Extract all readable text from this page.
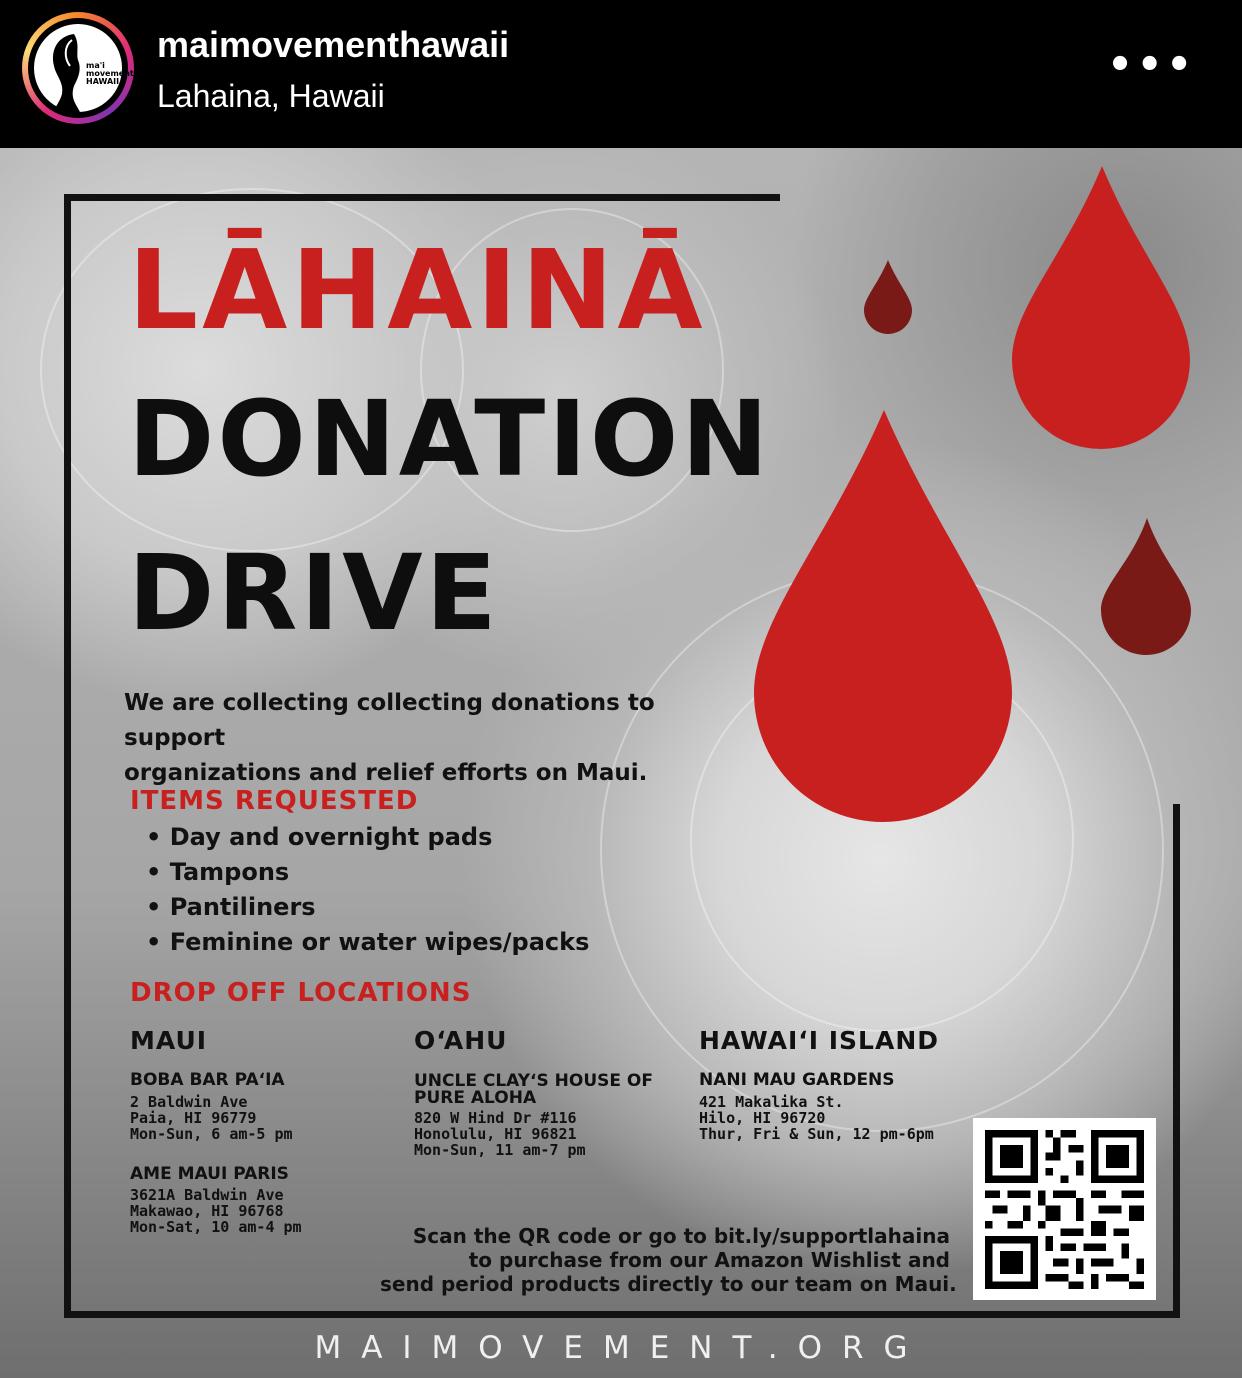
ma'i movement HAWAII
maimovementhawaii
Lahaina, Hawaii
•••
LĀHAINĀ
DONATION
DRIVE
We are collecting collecting donations to support
organizations and relief efforts on Maui.
ITEMS REQUESTED
• Day and overnight pads
• Tampons
• Pantiliners
• Feminine or water wipes/packs
DROP OFF LOCATIONS
MAUI	OʻAHU	HAWAIʻI ISLAND
BOBA BAR PAʻIA
2 Baldwin Ave
Paia, HI 96779
Mon-Sun, 6 am-5 pm
AME MAUI PARIS
3621A Baldwin Ave
Makawao, HI 96768
Mon-Sat, 10 am-4 pm
UNCLE CLAYʻS HOUSE OF
PURE ALOHA
820 W Hind Dr #116
Honolulu, HI 96821
Mon-Sun, 11 am-7 pm
NANI MAU GARDENS
421 Makalika St.
Hilo, HI 96720
Thur, Fri & Sun, 12 pm-6pm
Scan the QR code or go to bit.ly/supportlahaina
to purchase from our Amazon Wishlist and
send period products directly to our team on Maui.
MAIMOVEMENT.ORG
